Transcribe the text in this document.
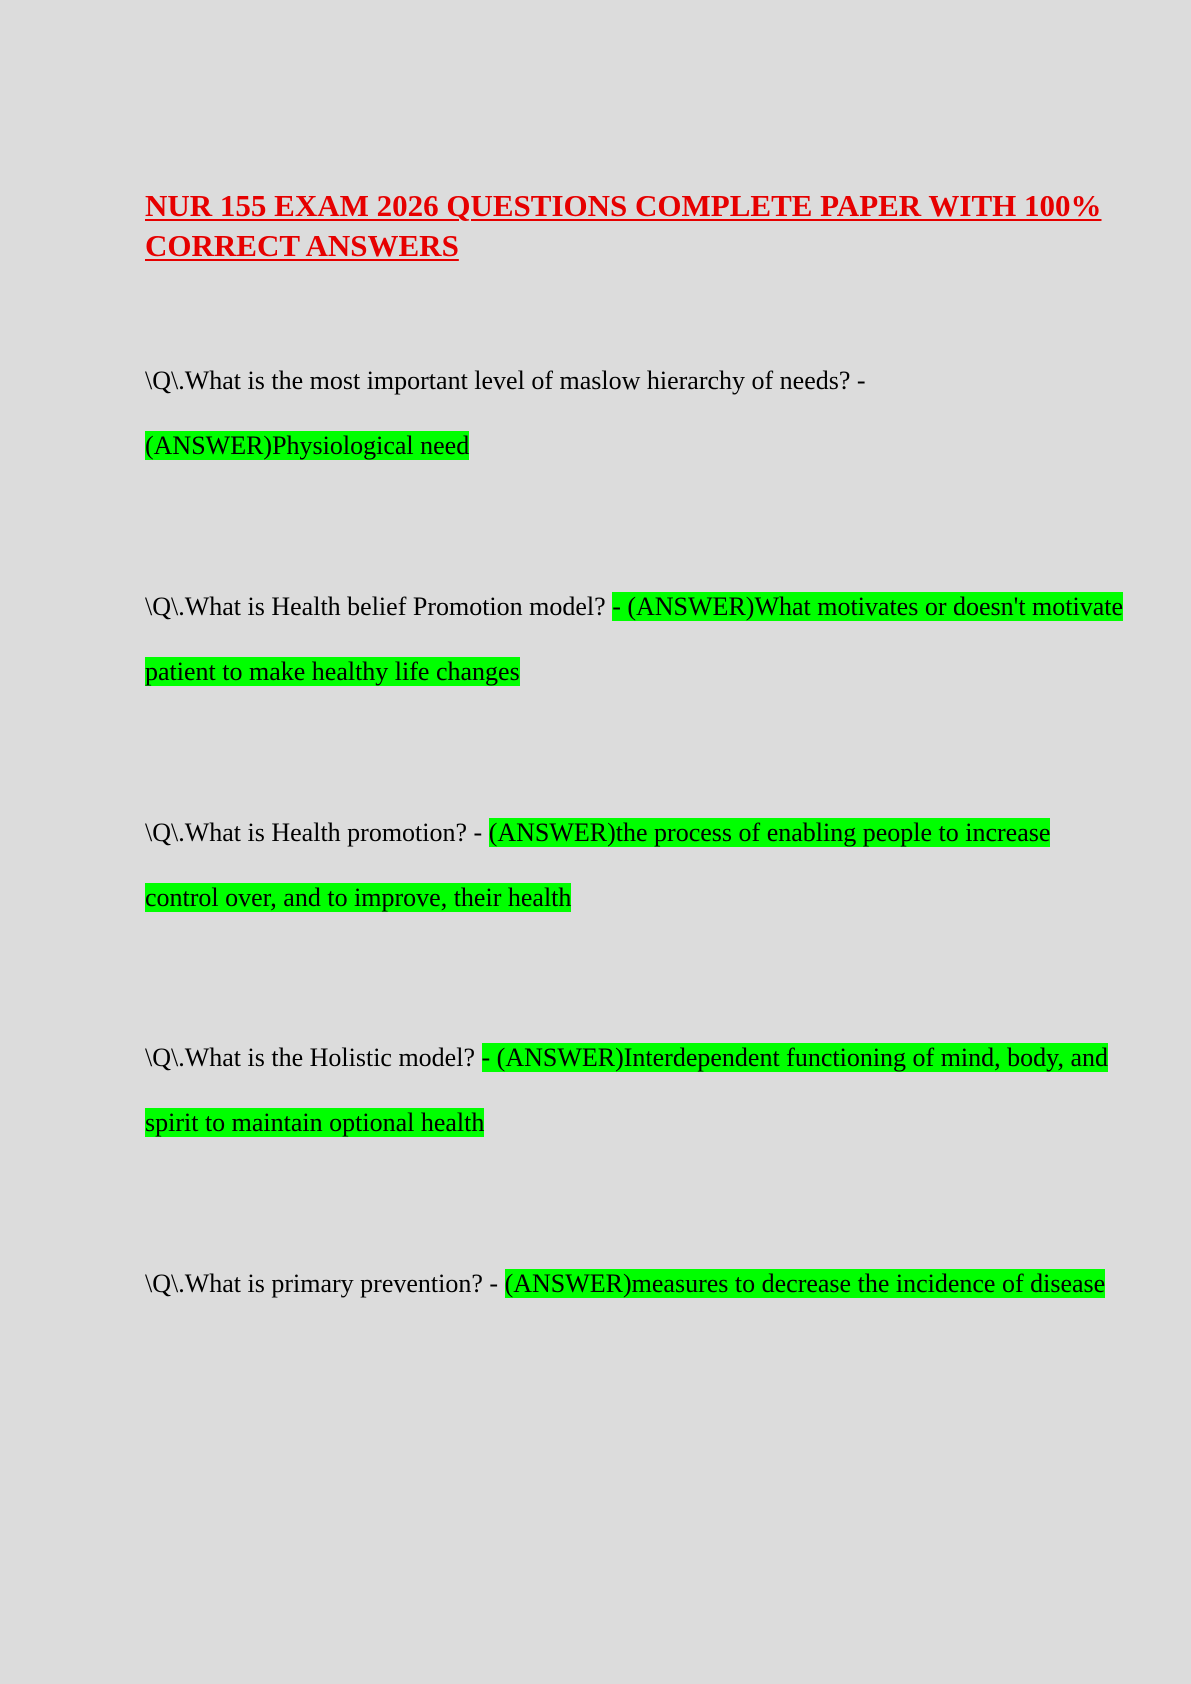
NUR 155 EXAM 2026 QUESTIONS COMPLETE PAPER WITH 100% CORRECT ANSWERS

\Q\.What is the most important level of maslow hierarchy of needs? -
(ANSWER)Physiological need

\Q\.What is Health belief Promotion model? - (ANSWER)What motivates or doesn't motivate patient to make healthy life changes

\Q\.What is Health promotion? - (ANSWER)the process of enabling people to increase control over, and to improve, their health

\Q\.What is the Holistic model? - (ANSWER)Interdependent functioning of mind, body, and spirit to maintain optional health

\Q\.What is primary prevention? - (ANSWER)measures to decrease the incidence of disease
